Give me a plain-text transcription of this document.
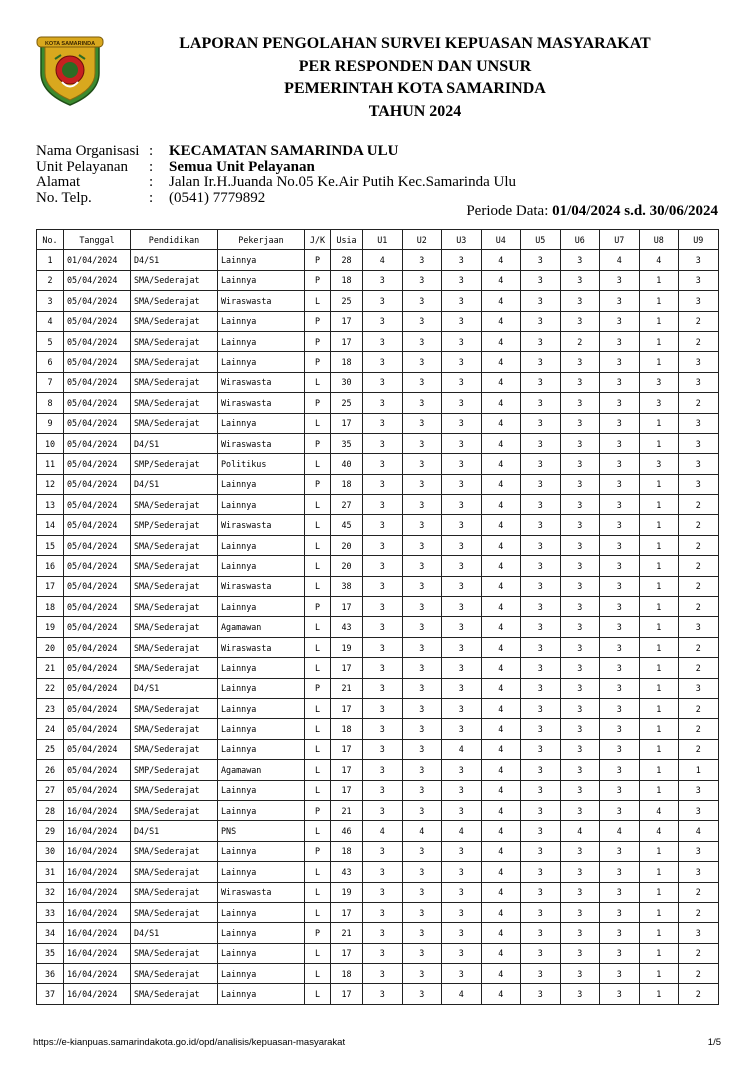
KOTA SAMARINDA	LAPORAN PENGOLAHAN SURVEI KEPUASAN MASYARAKAT
PER RESPONDEN DAN UNSUR
PEMERINTAH KOTA SAMARINDA
TAHUN 2024
Nama Organisasi :	KECAMATAN SAMARINDA ULU
Unit Pelayanan	:	Semua Unit Pelayanan
Alamat	:	Jalan Ir.H.Juanda No.05 Ke.Air Putih Kec.Samarinda Ulu
No. Telp.	:	(0541) 7779892
Periode Data: 01/04/2024 s.d. 30/06/2024
No.	Tanggal	Pendidikan	Pekerjaan	J/K	Usia	U1	U2	U3	U4	U5	U6	U7	U8	U9
1	01/04/2024	D4/S1	Lainnya	P	28	4	3	3	4	3	3	4	4	3
2	05/04/2024	SMA/Sederajat	Lainnya	P	18	3	3	3	4	3	3	3	1	3
3	05/04/2024	SMA/Sederajat	Wiraswasta	L	25	3	3	3	4	3	3	3	1	3
4	05/04/2024	SMA/Sederajat	Lainnya	P	17	3	3	3	4	3	3	3	1	2
5	05/04/2024	SMA/Sederajat	Lainnya	P	17	3	3	3	4	3	2	3	1	2
6	05/04/2024	SMA/Sederajat	Lainnya	P	18	3	3	3	4	3	3	3	1	3
7	05/04/2024	SMA/Sederajat	Wiraswasta	L	30	3	3	3	4	3	3	3	3	3
8	05/04/2024	SMA/Sederajat	Wiraswasta	P	25	3	3	3	4	3	3	3	3	2
9	05/04/2024	SMA/Sederajat	Lainnya	L	17	3	3	3	4	3	3	3	1	3
10	05/04/2024	D4/S1	Wiraswasta	P	35	3	3	3	4	3	3	3	1	3
11	05/04/2024	SMP/Sederajat	Politikus	L	40	3	3	3	4	3	3	3	3	3
12	05/04/2024	D4/S1	Lainnya	P	18	3	3	3	4	3	3	3	1	3
13	05/04/2024	SMA/Sederajat	Lainnya	L	27	3	3	3	4	3	3	3	1	2
14	05/04/2024	SMP/Sederajat	Wiraswasta	L	45	3	3	3	4	3	3	3	1	2
15	05/04/2024	SMA/Sederajat	Lainnya	L	20	3	3	3	4	3	3	3	1	2
16	05/04/2024	SMA/Sederajat	Lainnya	L	20	3	3	3	4	3	3	3	1	2
17	05/04/2024	SMA/Sederajat	Wiraswasta	L	38	3	3	3	4	3	3	3	1	2
18	05/04/2024	SMA/Sederajat	Lainnya	P	17	3	3	3	4	3	3	3	1	2
19	05/04/2024	SMA/Sederajat	Agamawan	L	43	3	3	3	4	3	3	3	1	3
20	05/04/2024	SMA/Sederajat	Wiraswasta	L	19	3	3	3	4	3	3	3	1	2
21	05/04/2024	SMA/Sederajat	Lainnya	L	17	3	3	3	4	3	3	3	1	2
22	05/04/2024	D4/S1	Lainnya	P	21	3	3	3	4	3	3	3	1	3
23	05/04/2024	SMA/Sederajat	Lainnya	L	17	3	3	3	4	3	3	3	1	2
24	05/04/2024	SMA/Sederajat	Lainnya	L	18	3	3	3	4	3	3	3	1	2
25	05/04/2024	SMA/Sederajat	Lainnya	L	17	3	3	4	4	3	3	3	1	2
26	05/04/2024	SMP/Sederajat	Agamawan	L	17	3	3	3	4	3	3	3	1	1
27	05/04/2024	SMA/Sederajat	Lainnya	L	17	3	3	3	4	3	3	3	1	3
28	16/04/2024	SMA/Sederajat	Lainnya	P	21	3	3	3	4	3	3	3	4	3
29	16/04/2024	D4/S1	PNS	L	46	4	4	4	4	3	4	4	4	4
30	16/04/2024	SMA/Sederajat	Lainnya	P	18	3	3	3	4	3	3	3	1	3
31	16/04/2024	SMA/Sederajat	Lainnya	L	43	3	3	3	4	3	3	3	1	3
32	16/04/2024	SMA/Sederajat	Wiraswasta	L	19	3	3	3	4	3	3	3	1	2
33	16/04/2024	SMA/Sederajat	Lainnya	L	17	3	3	3	4	3	3	3	1	2
34	16/04/2024	D4/S1	Lainnya	P	21	3	3	3	4	3	3	3	1	3
35	16/04/2024	SMA/Sederajat	Lainnya	L	17	3	3	3	4	3	3	3	1	2
36	16/04/2024	SMA/Sederajat	Lainnya	L	18	3	3	3	4	3	3	3	1	2
37	16/04/2024	SMA/Sederajat	Lainnya	L	17	3	3	4	4	3	3	3	1	2
https://e-kianpuas.samarindakota.go.id/opd/analisis/kepuasan-masyarakat	1/5
